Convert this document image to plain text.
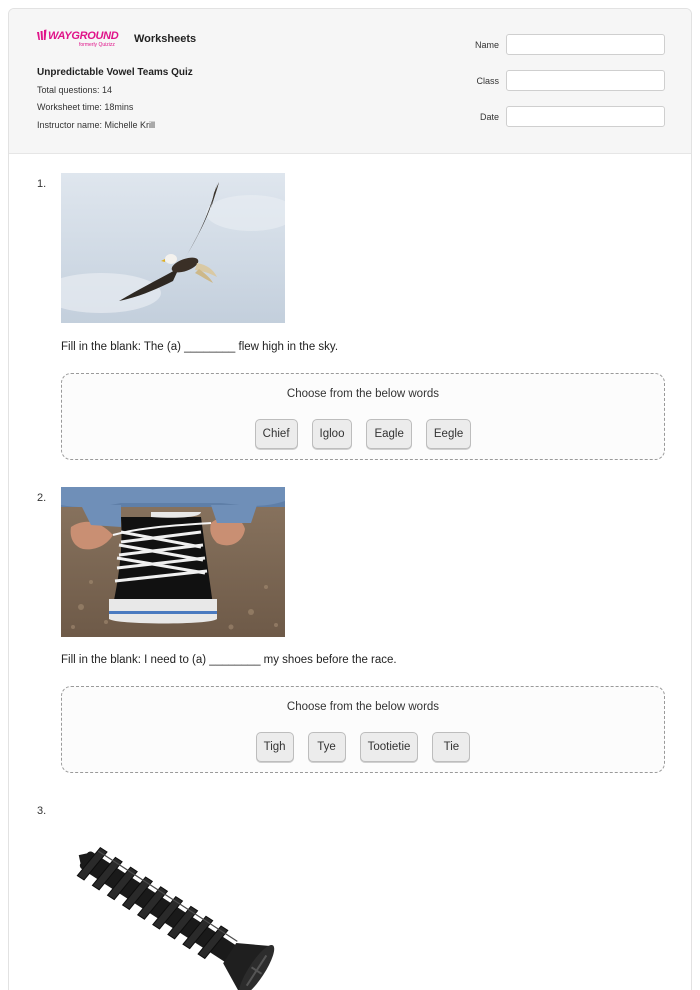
WAYGROUND
formerly Quizizz Worksheets
Unpredictable Vowel Teams Quiz
Total questions: 14
Worksheet time: 18mins
Instructor name: Michelle Krill
Name
Class
Date
1.
Fill in the blank: The (a) ________ flew high in the sky.
Choose from the below words
Chief	Igloo	Eagle	Eegle
2.
Fill in the blank: I need to (a) ________ my shoes before the race.
Choose from the below words
Tigh	Tye	Tootietie	Tie
3.
